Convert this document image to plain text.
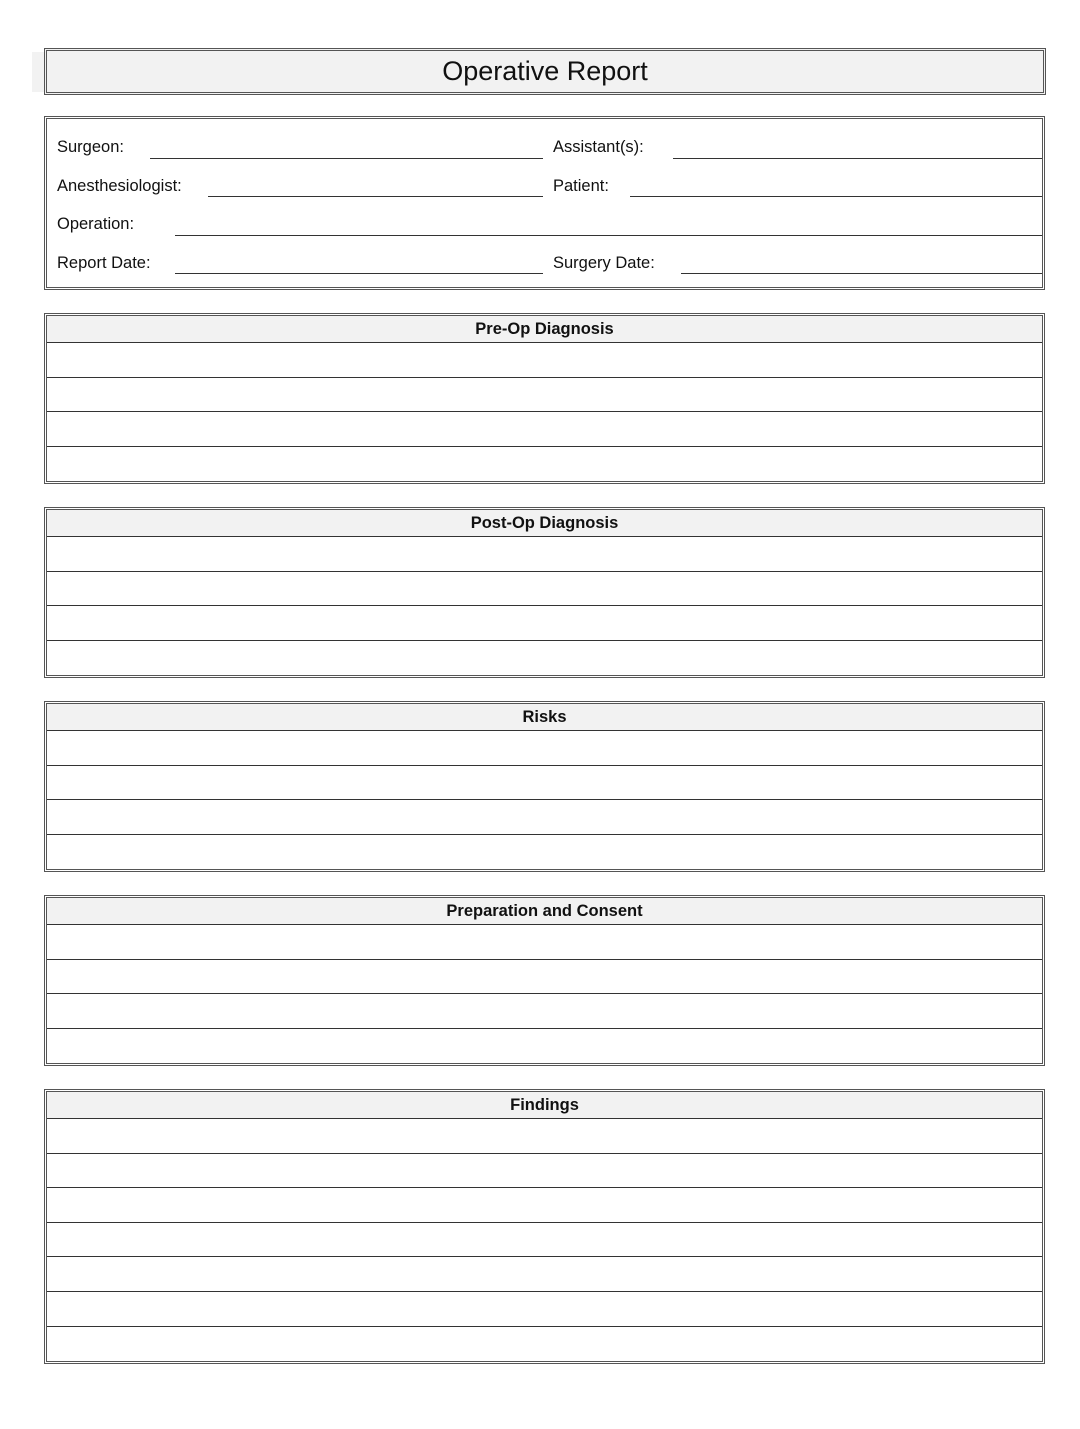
Operative Report
Surgeon:	Assistant(s):
Anesthesiologist:	Patient:
Operation:
Report Date:	Surgery Date:
Pre-Op Diagnosis
Post-Op Diagnosis
Risks
Preparation and Consent
Findings
